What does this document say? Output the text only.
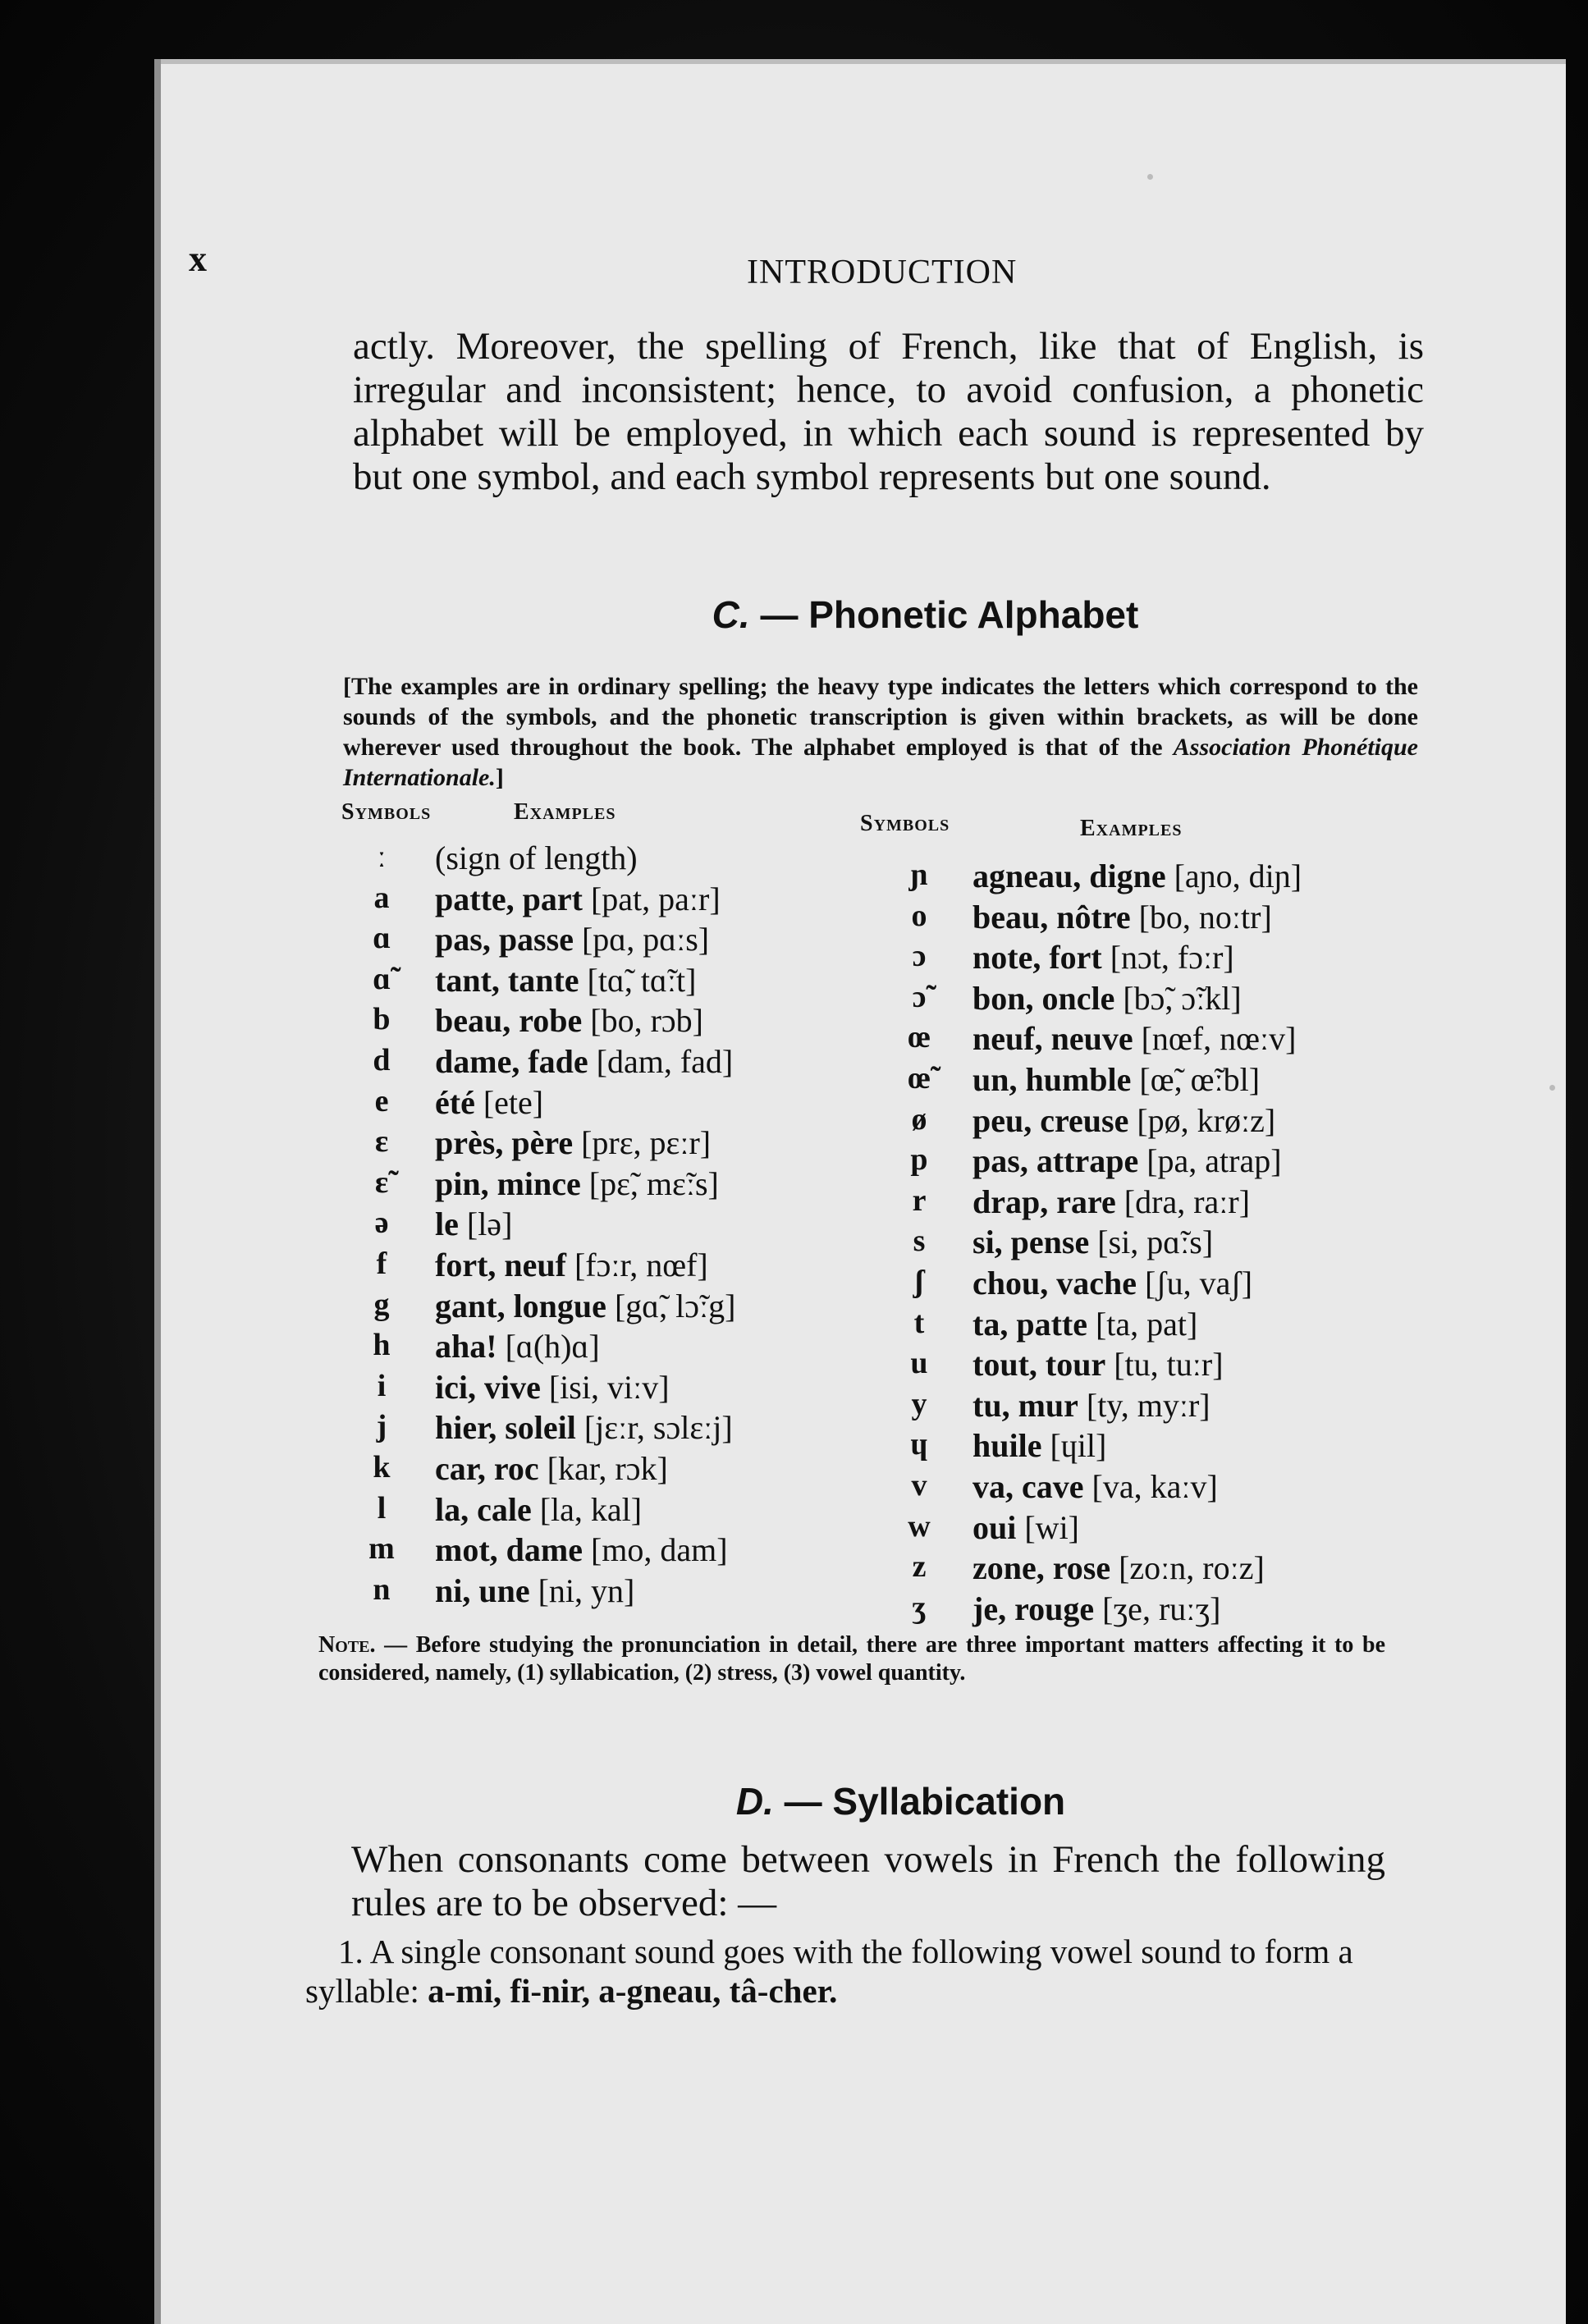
x	INTRODUCTION

actly. Moreover, the spelling of French, like that of English, is irregular and inconsistent; hence, to avoid confusion, a phonetic alphabet will be employed, in which each sound is represented by but one symbol, and each symbol represents but one sound.

C. — Phonetic Alphabet

[The examples are in ordinary spelling; the heavy type indicates the letters which correspond to the sounds of the symbols, and the phonetic transcription is given within brackets, as will be done wherever used throughout the book. The alphabet employed is that of the Association Phonétique Internationale.]

Symbols	Examples	Symbols	Examples
ː	(sign of length)
a	patte, part [pat, paːr]
ɑ	pas, passe [pɑ, pɑːs]
ɑ̃	tant, tante [tɑ̃, tɑ̃ːt]
b	beau, robe [bo, rɔb]
d	dame, fade [dam, fad]
e	été [ete]
ɛ	près, père [prɛ, pɛːr]
ɛ̃	pin, mince [pɛ̃, mɛ̃ːs]
ə	le [lə]
f	fort, neuf [fɔːr, nœf]
g	gant, longue [gɑ̃, lɔ̃ːg]
h	aha! [ɑ(h)ɑ]
i	ici, vive [isi, viːv]
j	hier, soleil [jɛːr, sɔlɛːj]
k	car, roc [kar, rɔk]
l	la, cale [la, kal]
m	mot, dame [mo, dam]
n	ni, une [ni, yn]
ɲ	agneau, digne [aɲo, diɲ]
o	beau, nôtre [bo, noːtr]
ɔ	note, fort [nɔt, fɔːr]
ɔ̃	bon, oncle [bɔ̃, ɔ̃ːkl]
œ	neuf, neuve [nœf, nœːv]
œ̃	un, humble [œ̃, œ̃ːbl]
ø	peu, creuse [pø, krøːz]
p	pas, attrape [pa, atrap]
r	drap, rare [dra, raːr]
s	si, pense [si, pɑ̃ːs]
ʃ	chou, vache [ʃu, vaʃ]
t	ta, patte [ta, pat]
u	tout, tour [tu, tuːr]
y	tu, mur [ty, myːr]
ɥ	huile [ɥil]
v	va, cave [va, kaːv]
w	oui [wi]
z	zone, rose [zoːn, roːz]
ʒ	je, rouge [ʒe, ruːʒ]

Note. — Before studying the pronunciation in detail, there are three important matters affecting it to be considered, namely, (1) syllabication, (2) stress, (3) vowel quantity.

D. — Syllabication

When consonants come between vowels in French the following rules are to be observed: —

1. A single consonant sound goes with the following vowel sound to form a syllable: a-mi, fi-nir, a-gneau, tâ-cher.
